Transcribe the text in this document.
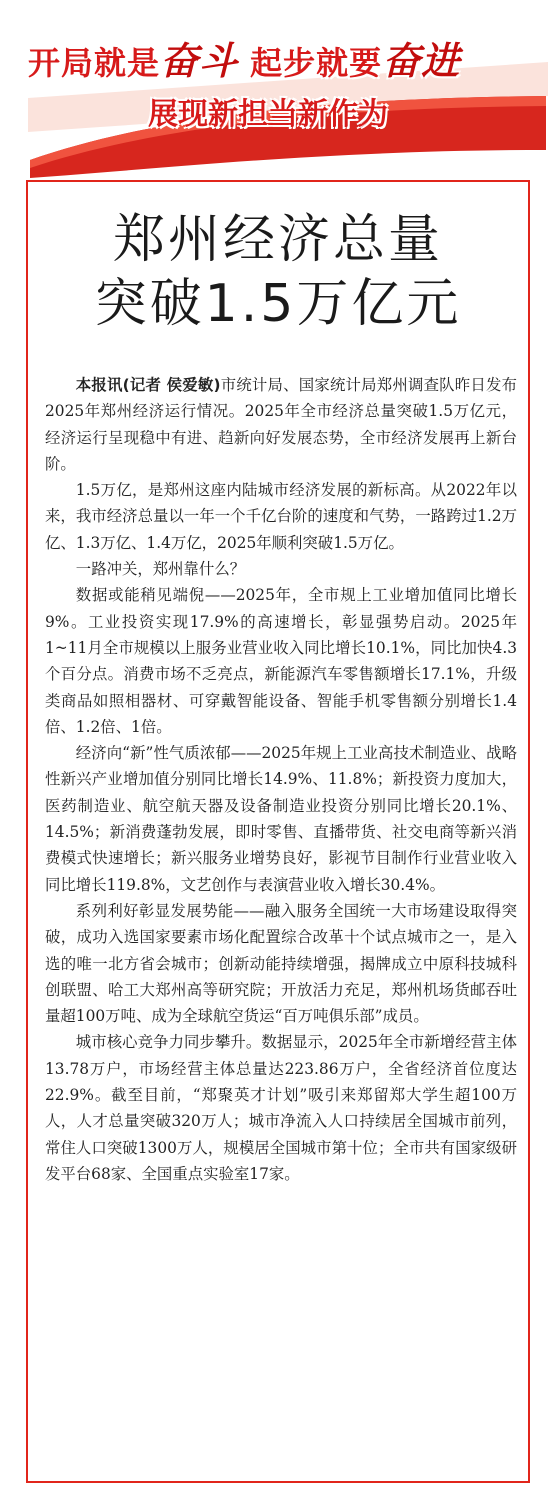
开局就是奋斗 起步就要奋进
展现新担当新作为
郑州经济总量
突破1.5万亿元

本报讯(记者 侯爱敏)市统计局、国家统计局郑州调查队昨日发布2025年郑州经济运行情况。2025年全市经济总量突破1.5万亿元，经济运行呈现稳中有进、趋新向好发展态势，全市经济发展再上新台阶。

1.5万亿，是郑州这座内陆城市经济发展的新标高。从2022年以来，我市经济总量以一年一个千亿台阶的速度和气势，一路跨过1.2万亿、1.3万亿、1.4万亿，2025年顺利突破1.5万亿。

一路冲关，郑州靠什么？

数据或能稍见端倪——2025年，全市规上工业增加值同比增长9%。工业投资实现17.9%的高速增长，彰显强势启动。2025年1~11月全市规模以上服务业营业收入同比增长10.1%，同比加快4.3个百分点。消费市场不乏亮点，新能源汽车零售额增长17.1%，升级类商品如照相器材、可穿戴智能设备、智能手机零售额分别增长1.4倍、1.2倍、1倍。

经济向“新”性气质浓郁——2025年规上工业高技术制造业、战略性新兴产业增加值分别同比增长14.9%、11.8%；新投资力度加大，医药制造业、航空航天器及设备制造业投资分别同比增长20.1%、14.5%；新消费蓬勃发展，即时零售、直播带货、社交电商等新兴消费模式快速增长；新兴服务业增势良好，影视节目制作行业营业收入同比增长119.8%，文艺创作与表演营业收入增长30.4%。

系列利好彰显发展势能——融入服务全国统一大市场建设取得突破，成功入选国家要素市场化配置综合改革十个试点城市之一，是入选的唯一北方省会城市；创新动能持续增强，揭牌成立中原科技城科创联盟、哈工大郑州高等研究院；开放活力充足，郑州机场货邮吞吐量超100万吨、成为全球航空货运“百万吨俱乐部”成员。

城市核心竞争力同步攀升。数据显示，2025年全市新增经营主体13.78万户，市场经营主体总量达223.86万户，全省经济首位度达22.9%。截至目前，“郑聚英才计划”吸引来郑留郑大学生超100万人，人才总量突破320万人；城市净流入人口持续居全国城市前列，常住人口突破1300万人，规模居全国城市第十位；全市共有国家级研发平台68家、全国重点实验室17家。
